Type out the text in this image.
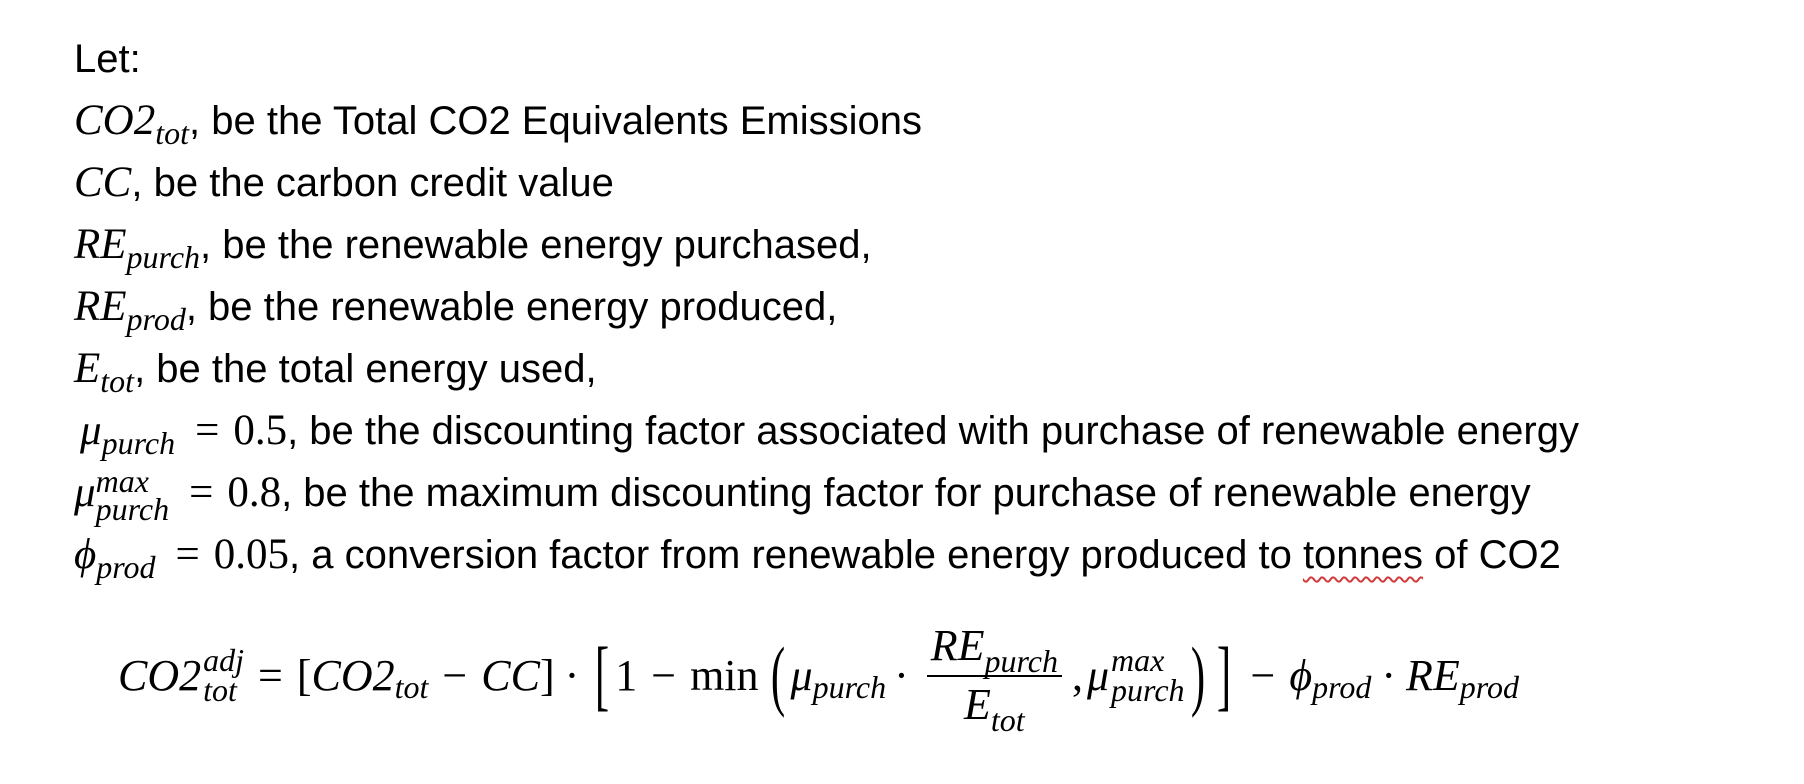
Let:
$CO2_{tot}$, be the Total CO2 Equivalents Emissions
CC, be the carbon credit value
$RE_{purch}$, be the renewable energy purchased,
$RE_{prod}$, be the renewable energy produced,
$E_{tot}$, be the total energy used,
$\mu_{purch} = 0.5$, be the discounting factor associated with purchase of renewable energy
μ max
purch = 0.8, be the maximum discounting factor for purchase of renewable energy
$\phi_{prod} = 0.05$, a conversion factor from renewable energy produced to tonnes of CO2
CO2 adj
tot = [ CO2 tot − CC ] · [ 1 − min ( μ purch · $\frac{RE_{purch}}{E_{tot}}$ , μ max
purch ) ] − ϕ prod · RE prod
